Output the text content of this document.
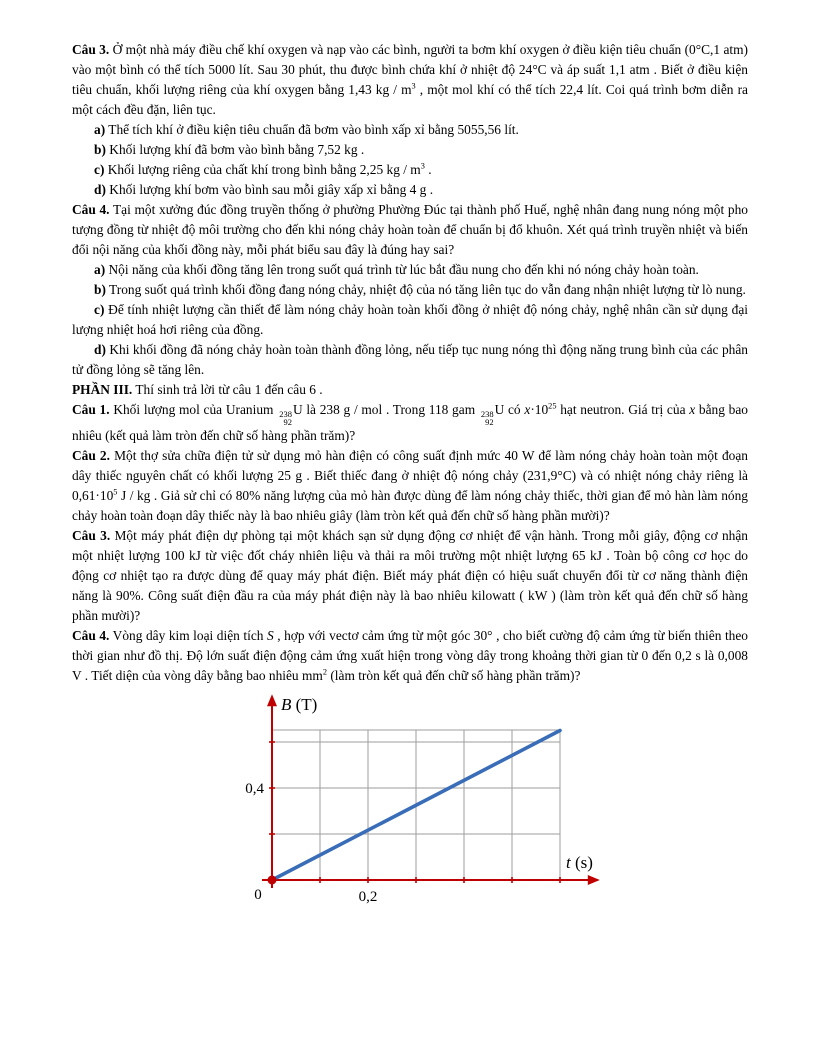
Câu 3. Ở một nhà máy điều chế khí oxygen và nạp vào các bình, người ta bơm khí oxygen ở điều kiện tiêu chuẩn (0°C,1 atm) vào một bình có thể tích 5000 lít. Sau 30 phút, thu được bình chứa khí ở nhiệt độ 24°C và áp suất 1,1 atm . Biết ở điều kiện tiêu chuẩn, khối lượng riêng của khí oxygen bằng 1,43 kg / $m^3$ , một mol khí có thể tích 22,4 lít. Coi quá trình bơm diễn ra một cách đều đặn, liên tục.

a) Thể tích khí ở điều kiện tiêu chuẩn đã bơm vào bình xấp xỉ bằng 5055,56 lít.

b) Khối lượng khí đã bơm vào bình bằng 7,52 kg .

c) Khối lượng riêng của chất khí trong bình bằng 2,25 kg / $m^3$ .

d) Khối lượng khí bơm vào bình sau mỗi giây xấp xỉ bằng 4 g .

Câu 4. Tại một xưởng đúc đồng truyền thống ở phường Phường Đúc tại thành phố Huế, nghệ nhân đang nung nóng một pho tượng đồng từ nhiệt độ môi trường cho đến khi nóng chảy hoàn toàn để chuẩn bị đổ khuôn. Xét quá trình truyền nhiệt và biến đổi nội năng của khối đồng này, mỗi phát biểu sau đây là đúng hay sai?

a) Nội năng của khối đồng tăng lên trong suốt quá trình từ lúc bắt đầu nung cho đến khi nó nóng chảy hoàn toàn.

b) Trong suốt quá trình khối đồng đang nóng chảy, nhiệt độ của nó tăng liên tục do vẫn đang nhận nhiệt lượng từ lò nung.

c) Để tính nhiệt lượng cần thiết để làm nóng chảy hoàn toàn khối đồng ở nhiệt độ nóng chảy, nghệ nhân cần sử dụng đại lượng nhiệt hoá hơi riêng của đồng.

d) Khi khối đồng đã nóng chảy hoàn toàn thành đồng lỏng, nếu tiếp tục nung nóng thì động năng trung bình của các phân tử đồng lỏng sẽ tăng lên.

PHẦN III. Thí sinh trả lời từ câu 1 đến câu 6 .

Câu 1. Khối lượng mol của Uranium 238
92
U là 238 g / mol . Trong 118 gam 238
92
U có $x\cdot 10^{25}$ hạt neutron. Giá trị của x bằng bao nhiêu (kết quả làm tròn đến chữ số hàng phần trăm)?

Câu 2. Một thợ sửa chữa điện tử sử dụng mỏ hàn điện có công suất định mức 40 W để làm nóng chảy hoàn toàn một đoạn dây thiếc nguyên chất có khối lượng 25 g . Biết thiếc đang ở nhiệt độ nóng chảy (231,9°C) và có nhiệt nóng chảy riêng là $0,61\cdot 10^5$ J / kg . Giả sử chỉ có 80% năng lượng của mỏ hàn được dùng để làm nóng chảy thiếc, thời gian để mỏ hàn làm nóng chảy hoàn toàn đoạn dây thiếc này là bao nhiêu giây (làm tròn kết quả đến chữ số hàng phần mười)?

Câu 3. Một máy phát điện dự phòng tại một khách sạn sử dụng động cơ nhiệt để vận hành. Trong mỗi giây, động cơ nhận một nhiệt lượng 100 kJ từ việc đốt cháy nhiên liệu và thải ra môi trường một nhiệt lượng 65 kJ . Toàn bộ công cơ học do động cơ nhiệt tạo ra được dùng để quay máy phát điện. Biết máy phát điện có hiệu suất chuyển đổi từ cơ năng thành điện năng là 90%. Công suất điện đầu ra của máy phát điện này là bao nhiêu kilowatt ( kW ) (làm tròn kết quả đến chữ số hàng phần mười)?

Câu 4. Vòng dây kim loại diện tích S , hợp với vectơ cảm ứng từ một góc 30° , cho biết cường độ cảm ứng từ biến thiên theo thời gian như đồ thị. Độ lớn suất điện động cảm ứng xuất hiện trong vòng dây trong khoảng thời gian từ 0 đến 0,2 s là 0,008 V . Tiết diện của vòng dây bằng bao nhiêu $mm^2$ (làm tròn kết quả đến chữ số hàng phần trăm)?

B (T)
t (s)
0,4
0,2
0
